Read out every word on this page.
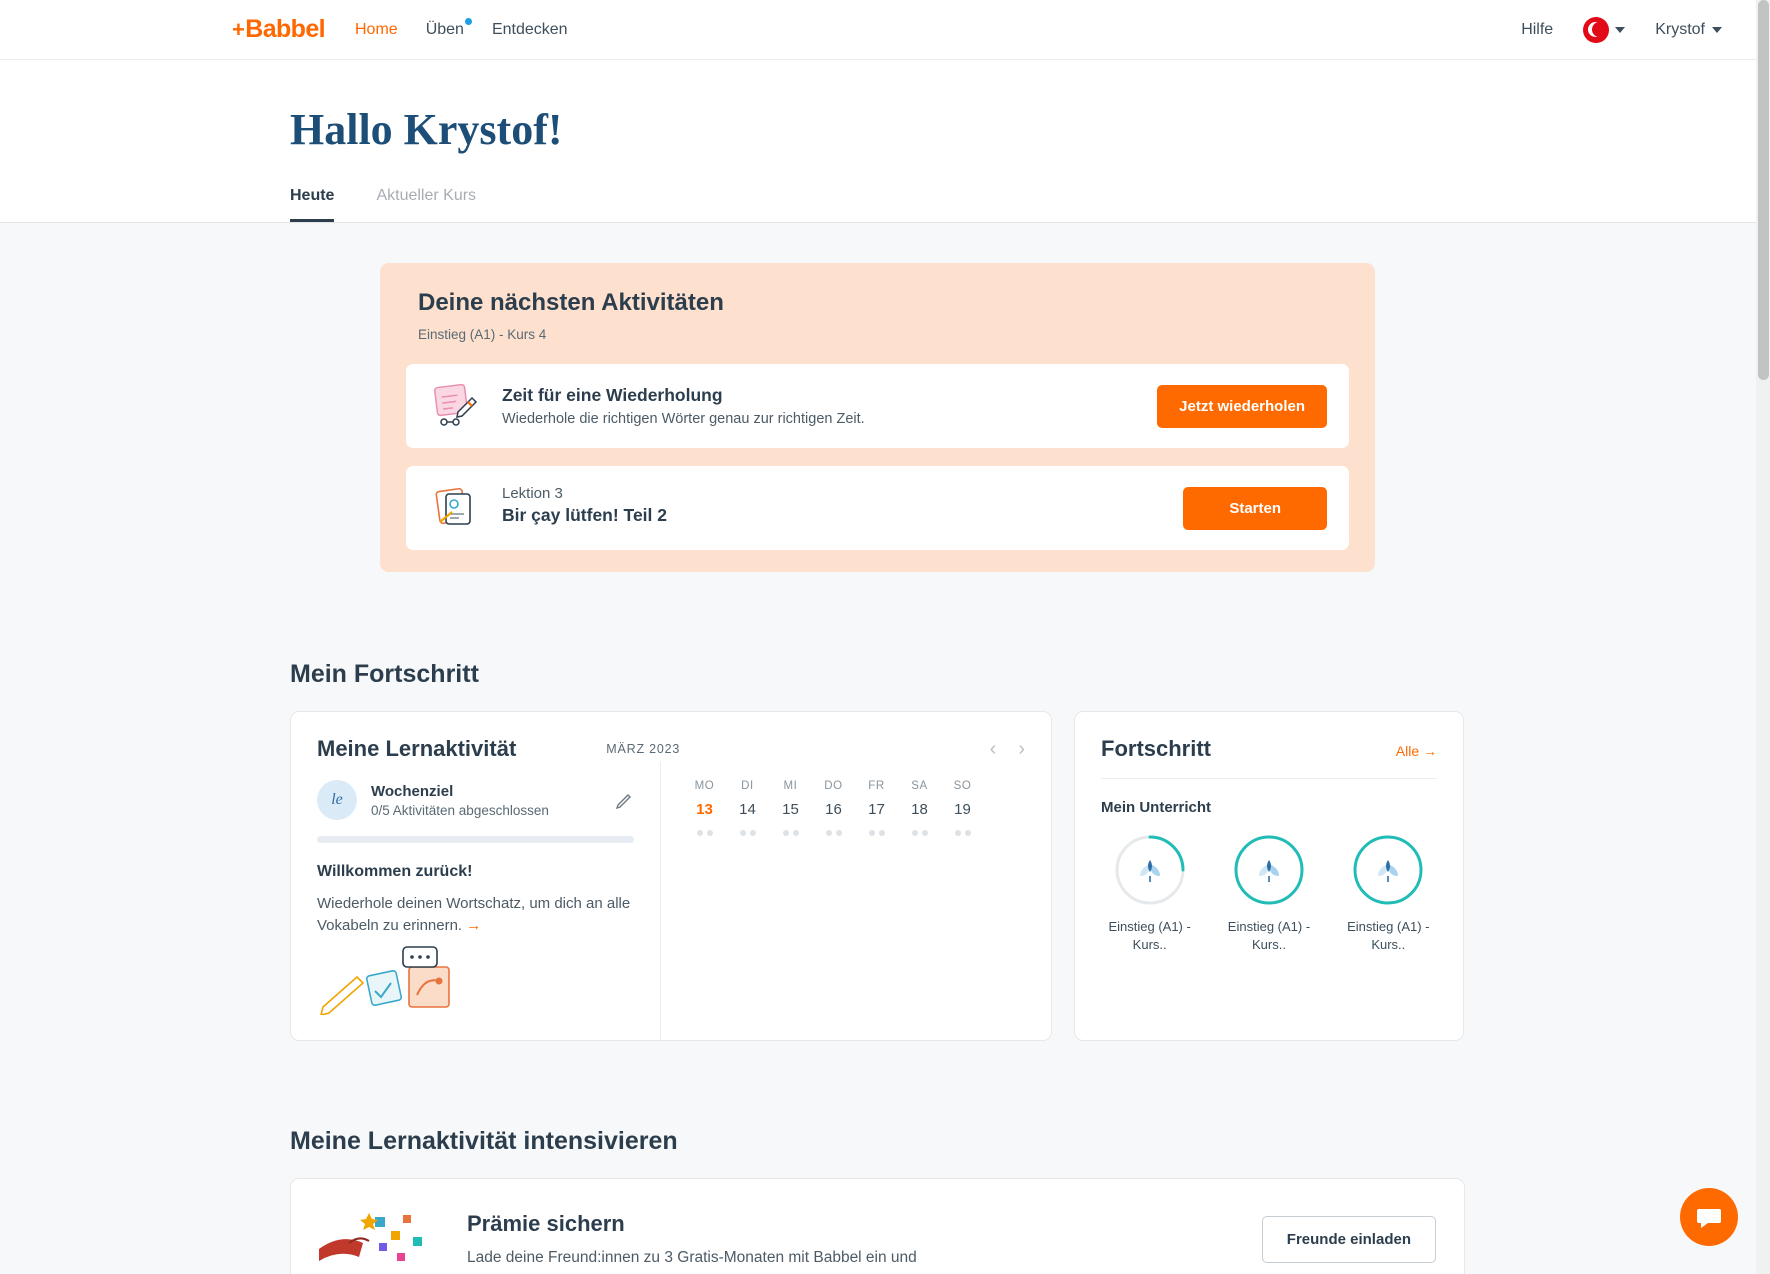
+ Babbel Home Üben Entdecken	Hilfe	Krystof
Hallo Krystof!
Heute	Aktueller Kurs
Deine nächsten Aktivitäten

Einstieg (A1) - Kurs 4

Zeit für eine Wiederholung

Wiederhole die richtigen Wörter genau zur richtigen Zeit.

Jetzt wiederholen

Lektion 3

Bir çay lütfen! Teil 2	Starten
Mein Fortschritt
Meine Lernaktivität	MÄRZ 2023	‹ ›
le	Wochenziel

0/5 Aktivitäten abgeschlossen

Willkommen zurück!

Wiederhole deinen Wortschatz, um dich an alle Vokabeln zu erinnern. →

MO
13
DI
14
MI
15
DO
16
FR
17
SA
18
SO
19
Fortschritt	Alle →

Mein Unterricht

Einstieg (A1) - Kurs..
Einstieg (A1) - Kurs..
Einstieg (A1) - Kurs..
Meine Lernaktivität intensivieren
Prämie sichern

Lade deine Freund:innen zu 3 Gratis-Monaten mit Babbel ein und

Freunde einladen
